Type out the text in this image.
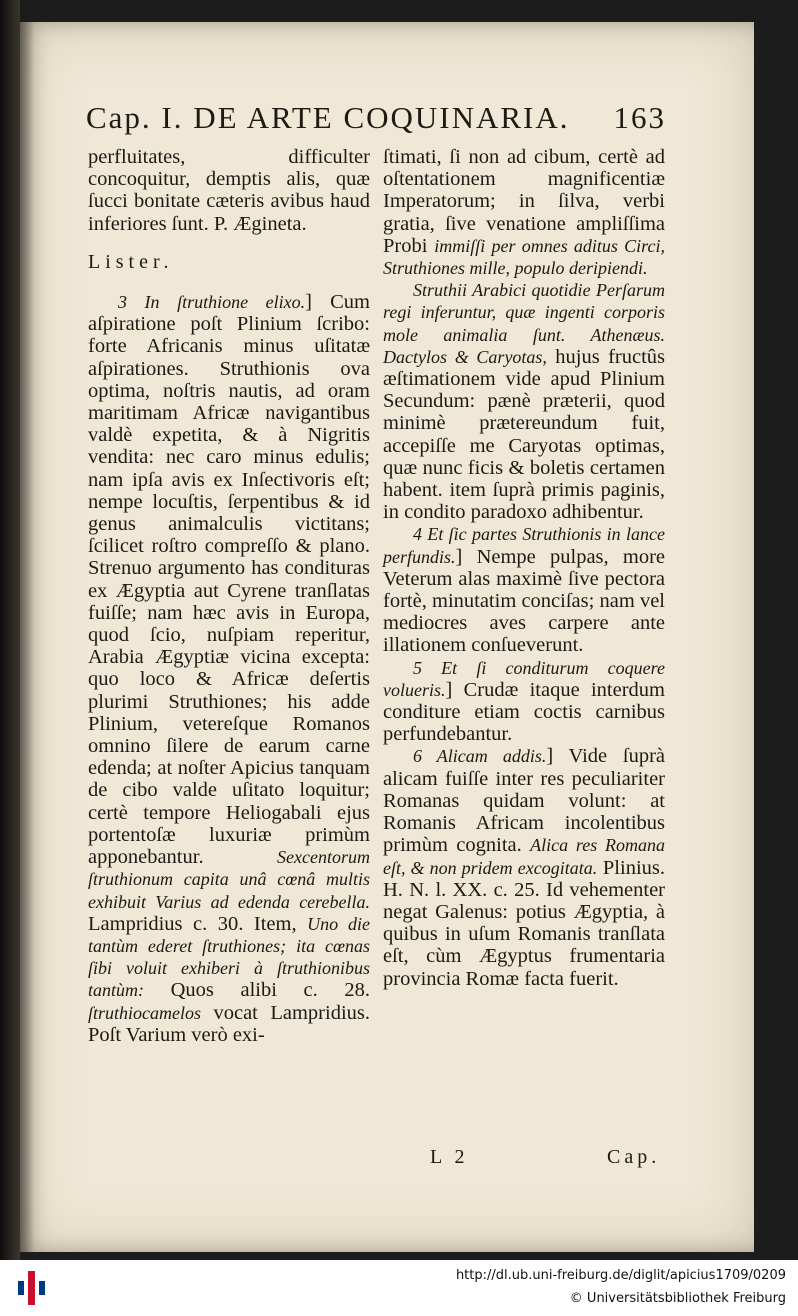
Cap. I. DE ARTE COQUINARIA. 163

perfluitates, difficulter concoquitur, demptis alis, quæ ſucci bonitate cæteris avibus haud inferiores ſunt. P. Ægineta.

Lister.

3 In ſtruthione elixo.] Cum aſpiratione poſt Plinium ſcribo: forte Africanis minus uſitatæ aſpirationes. Struthionis ova optima, noſtris nautis, ad oram maritimam Africæ navigantibus valdè expetita, & à Nigritis vendita: nec caro minus edulis; nam ipſa avis ex Inſectivoris eſt; nempe locuſtis, ſerpentibus & id genus animalculis victitans; ſcilicet roſtro compreſſo & plano. Strenuo argumento has condituras ex Ægyptia aut Cyrene tranſlatas fuiſſe; nam hæc avis in Europa, quod ſcio, nuſpiam reperitur, Arabia Ægyptiæ vicina excepta: quo loco & Africæ deſertis plurimi Struthiones; his adde Plinium, vetereſque Romanos omnino ſilere de earum carne edenda; at noſter Apicius tanquam de cibo valde uſitato loquitur; certè tempore Heliogabali ejus portentoſæ luxuriæ primùm apponebantur.	Sexcentorum ſtruthionum capita unâ cœnâ multis exhibuit Varius ad edenda cerebella. Lampridius c. 30. Item, Uno die tantùm ederet ſtruthiones; ita cœnas ſibi voluit exhiberi à ſtruthionibus tantùm: Quos alibi c. 28. ſtruthiocamelos vocat Lampridius. Poſt Varium verò exi-

ſtimati, ſi non ad cibum, certè ad oſtentationem magnificentiæ Imperatorum; in ſilva, verbi gratia, ſive venatione ampliſſima Probi immiſſi per omnes aditus Circi, Struthiones mille, populo deripiendi.

Struthii Arabici quotidie Perſarum regi inferuntur, quæ ingenti corporis mole animalia ſunt. Athenæus. Dactylos & Caryotas, hujus fructûs æſtimationem vide apud Plinium Secundum: pænè præterii, quod minimè prætereundum fuit, accepiſſe me Caryotas optimas, quæ nunc ficis & boletis certamen habent. item ſuprà primis paginis, in condito paradoxo adhibentur.

4 Et ſic partes Struthionis in lance perfundis.] Nempe pulpas, more Veterum alas maximè ſive pectora fortè, minutatim conciſas; nam vel mediocres aves carpere ante illationem conſueverunt.

5 Et ſi conditurum coquere volueris.] Crudæ itaque interdum conditure etiam coctis carnibus perfundebantur.

6 Alicam addis.] Vide ſuprà alicam fuiſſe inter res peculiariter Romanas quidam volunt: at Romanis Africam incolentibus primùm cognita. Alica res Romana eſt, & non pridem excogitata. Plinius. H. N. l. XX. c. 25. Id vehementer negat Galenus: potius Ægyptia, à quibus in uſum Romanis tranſlata eſt, cùm Ægyptus frumentaria provincia Romæ facta fuerit.

L 2	Cap.
http://dl.ub.uni-freiburg.de/diglit/apicius1709/0209
© Universitätsbibliothek Freiburg
